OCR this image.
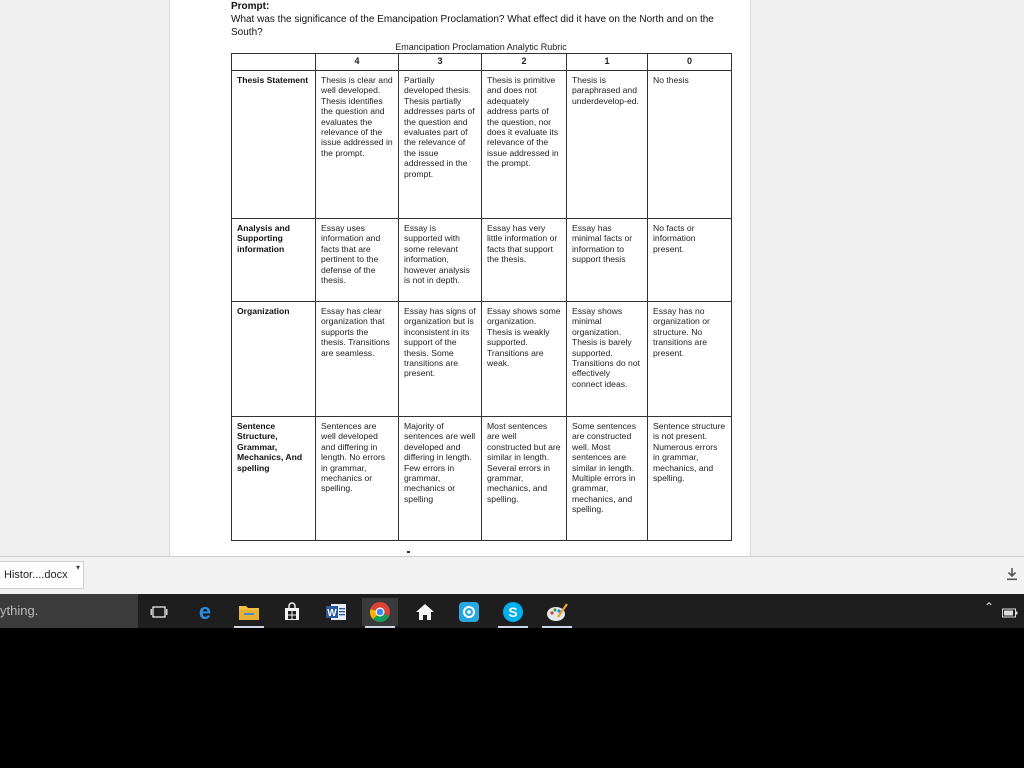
Prompt:
What was the significance of the Emancipation Proclamation? What effect did it have on the North and on the South?
Emancipation Proclamation Analytic Rubric
	4	3	2	1	0
Thesis Statement	Thesis is clear and well developed. Thesis identifies the question and evaluates the relevance of the issue addressed in the prompt.	Partially developed thesis. Thesis partially addresses parts of the question and evaluates part of the relevance of the issue addressed in the prompt.	Thesis is primitive and does not adequately address parts of the question, nor does it evaluate its relevance of the issue addressed in the prompt.	Thesis is paraphrased and underdevelop-ed.	No thesis
Analysis and Supporting information	Essay uses information and facts that are pertinent to the defense of the thesis.	Essay is supported with some relevant information, however analysis is not in depth.	Essay has very little information or facts that support the thesis.	Essay has minimal facts or information to support thesis	No facts or information present.
Organization	Essay has clear organization that supports the thesis. Transitions are seamless.	Essay has signs of organization but is inconsistent in its support of the thesis. Some transitions are present.	Essay shows some organization. Thesis is weakly supported. Transitions are weak.	Essay shows minimal organization. Thesis is barely supported. Transitions do not effectively connect ideas.	Essay has no organization or structure. No transitions are present.
Sentence Structure, Grammar, Mechanics, And spelling	Sentences are well developed and differing in length. No errors in grammar, mechanics or spelling.	Majority of sentences are well developed and differing in length. Few errors in grammar, mechanics or spelling	Most sentences are well constructed but are similar in length. Several errors in grammar, mechanics, and spelling.	Some sentences are constructed well. Most sentences are similar in length. Multiple errors in grammar, mechanics, and spelling.	Sentence structure is not present. Numerous errors in grammar, mechanics, and spelling.
Histor....docx
▾
ything.	e	W	S	⌃
